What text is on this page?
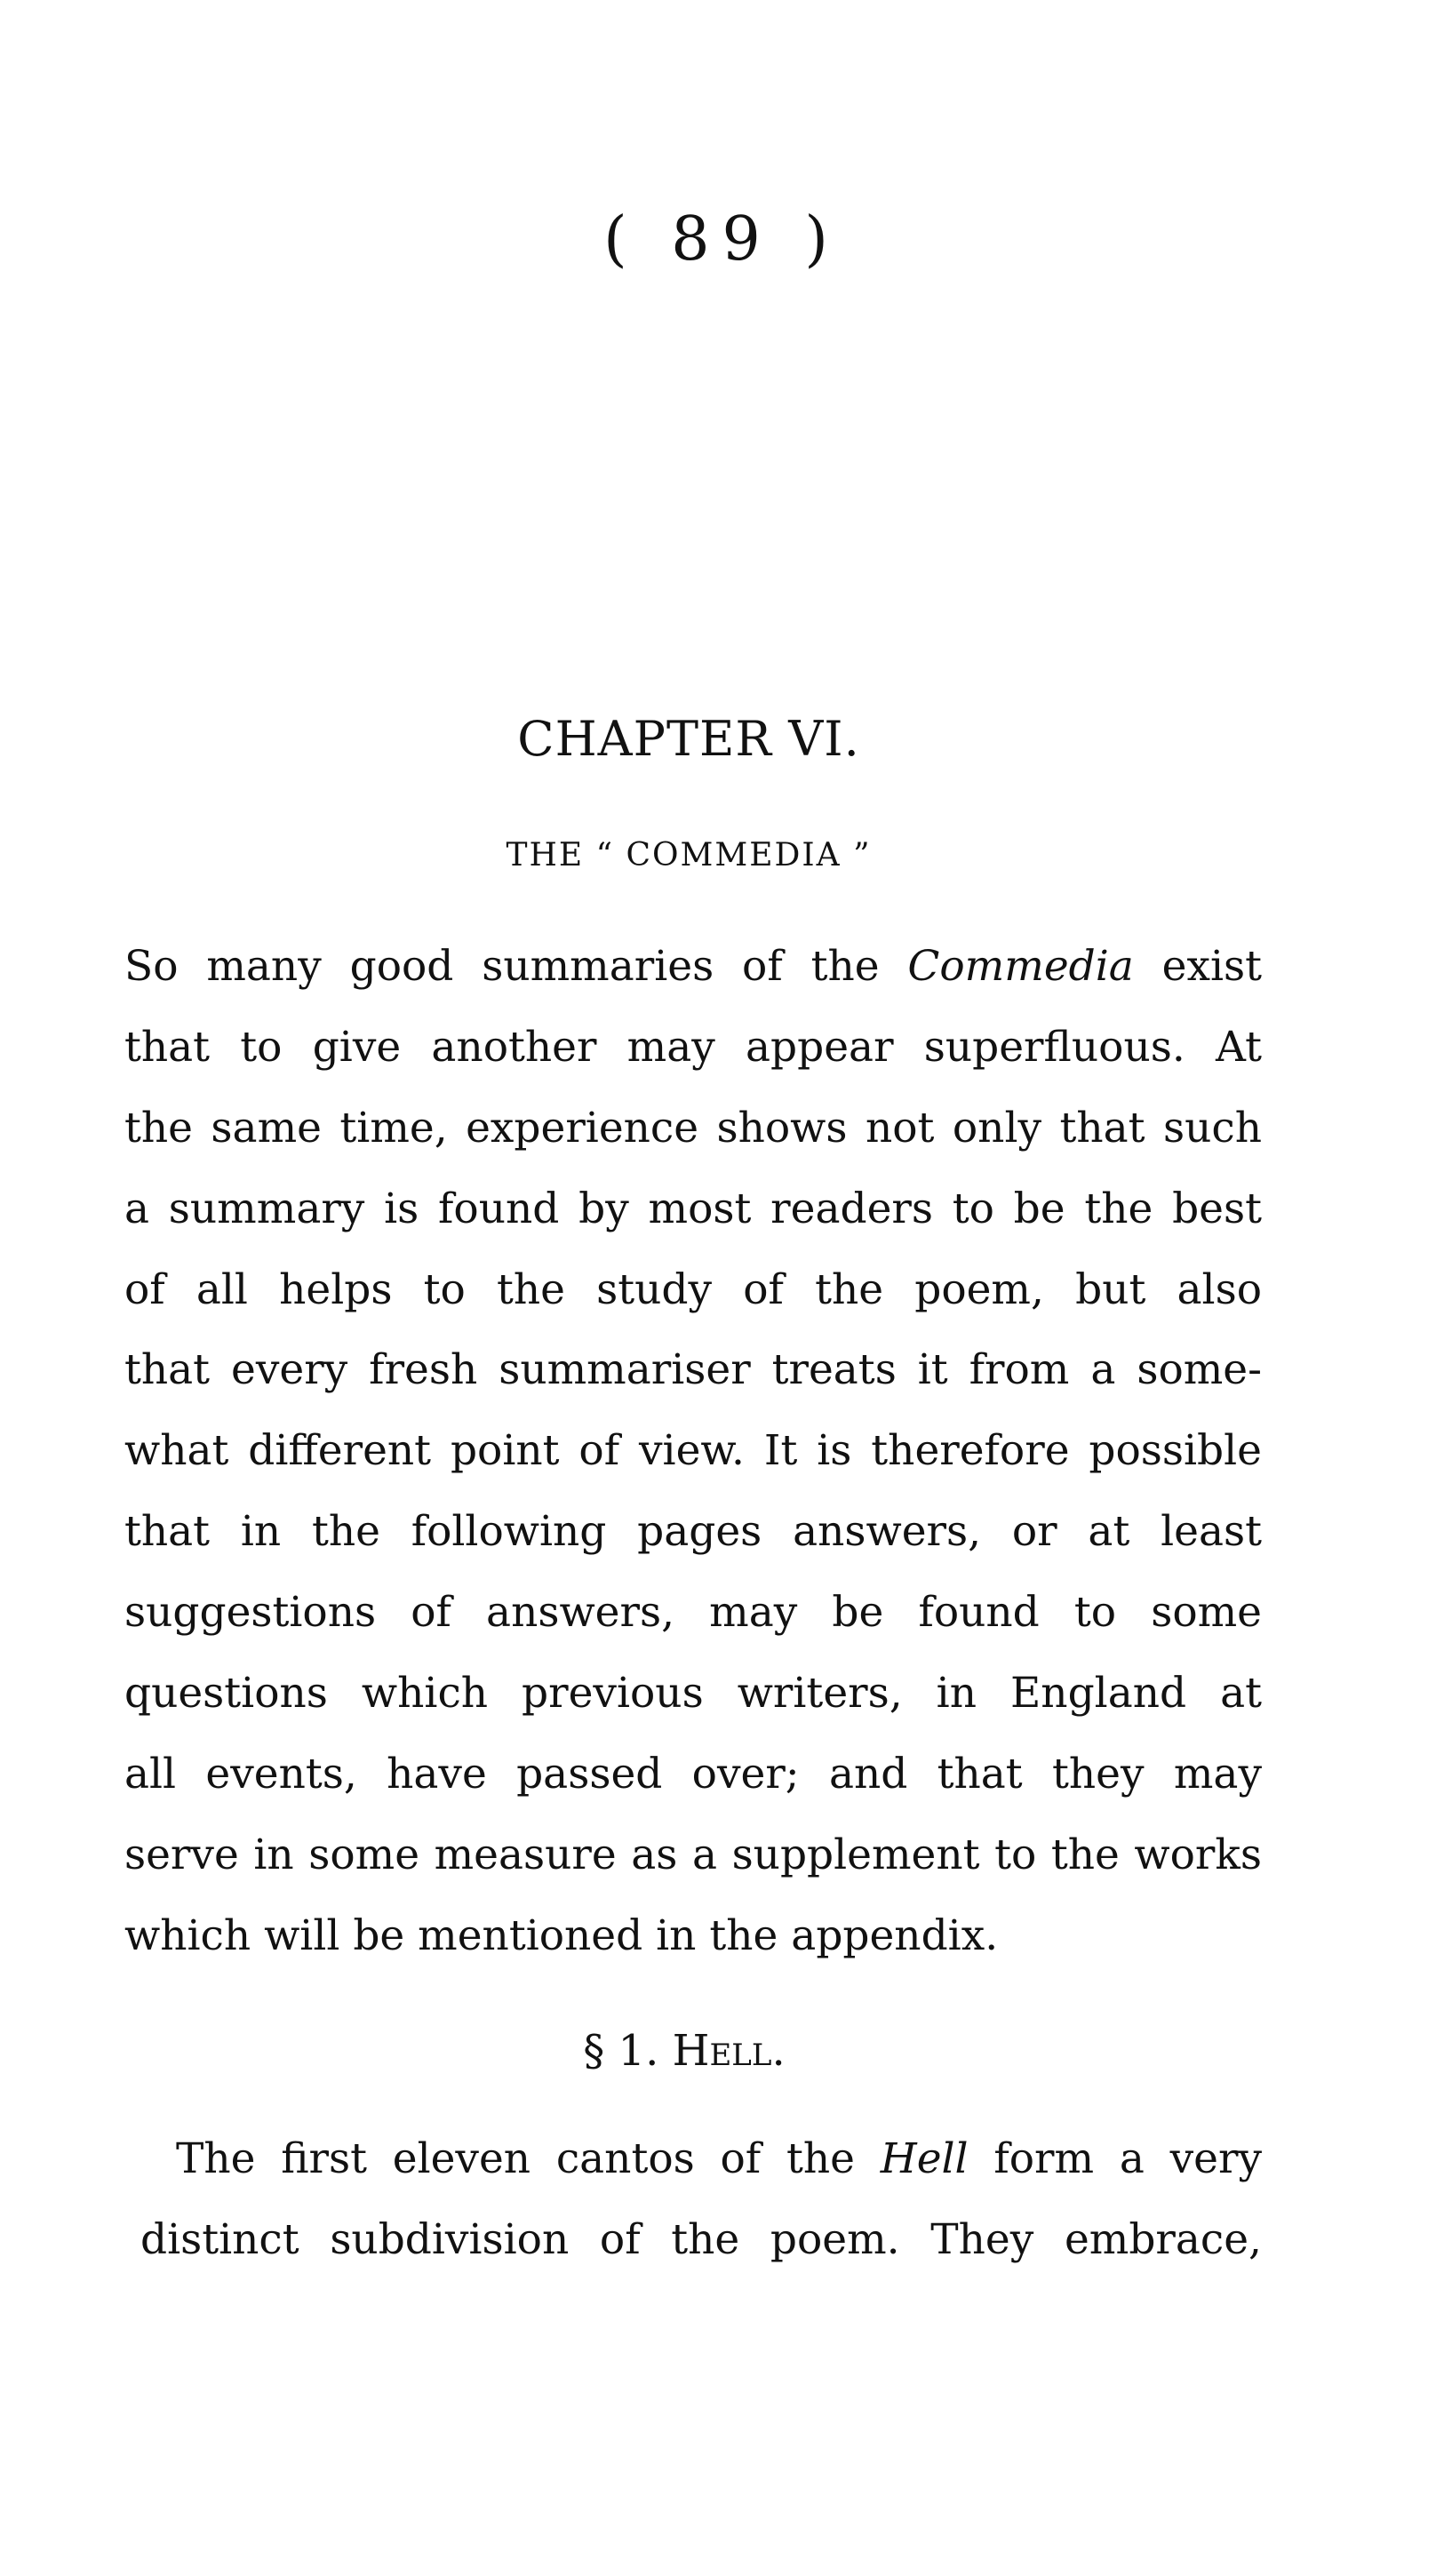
( 89 )
CHAPTER VI.
THE “ COMMEDIA ”
So many good summaries of the Commedia exist
that to give another may appear superfluous. At
the same time, experience shows not only that such
a summary is found by most readers to be the best
of all helps to the study of the poem, but also
that every fresh summariser treats it from a some-
what different point of view. It is therefore possible
that in the following pages answers, or at least
suggestions of answers, may be found to some
questions which previous writers, in England at
all events, have passed over; and that they may
serve in some measure as a supplement to the works
which will be mentioned in the appendix.
§ 1. Hell.
The first eleven cantos of the Hell form a very
distinct subdivision of the poem. They embrace,
